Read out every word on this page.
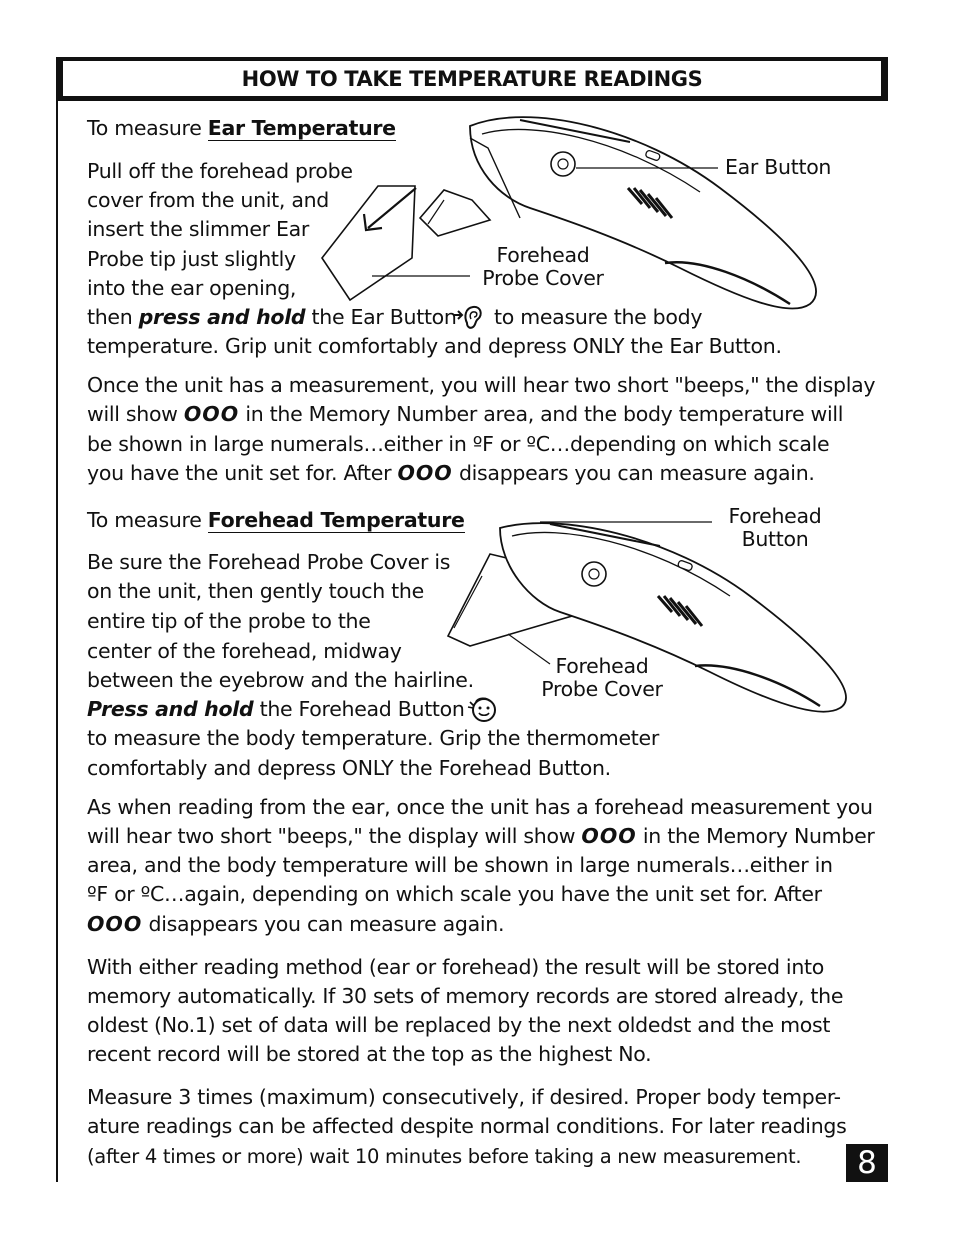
HOW TO TAKE TEMPERATURE READINGS
To measure Ear Temperature
Pull off the forehead probe
cover from the unit, and
insert the slimmer Ear
Probe tip just slightly
into the ear opening,
then press and hold the Ear Button to measure the body
temperature. Grip unit comfortably and depress ONLY the Ear Button.
Once the unit has a measurement, you will hear two short "beeps," the display
will show OOO in the Memory Number area, and the body temperature will
be shown in large numerals…either in ºF or ºC…depending on which scale
you have the unit set for. After OOO disappears you can measure again.
Ear Button
Forehead
Probe Cover
To measure Forehead Temperature
Be sure the Forehead Probe Cover is
on the unit, then gently touch the
entire tip of the probe to the
center of the forehead, midway
between the eyebrow and the hairline.
Press and hold the Forehead Button
to measure the body temperature. Grip the thermometer
comfortably and depress ONLY the Forehead Button.
As when reading from the ear, once the unit has a forehead measurement you
will hear two short "beeps," the display will show OOO in the Memory Number
area, and the body temperature will be shown in large numerals…either in
ºF or ºC…again, depending on which scale you have the unit set for. After
OOO disappears you can measure again.
Forehead
Button
Forehead
Probe Cover
With either reading method (ear or forehead) the result will be stored into
memory automatically. If 30 sets of memory records are stored already, the
oldest (No.1) set of data will be replaced by the next oldedst and the most
recent record will be stored at the top as the highest No.
Measure 3 times (maximum) consecutively, if desired. Proper body temper-
ature readings can be affected despite normal conditions. For later readings
(after 4 times or more) wait 10 minutes before taking a new measurement.	8
